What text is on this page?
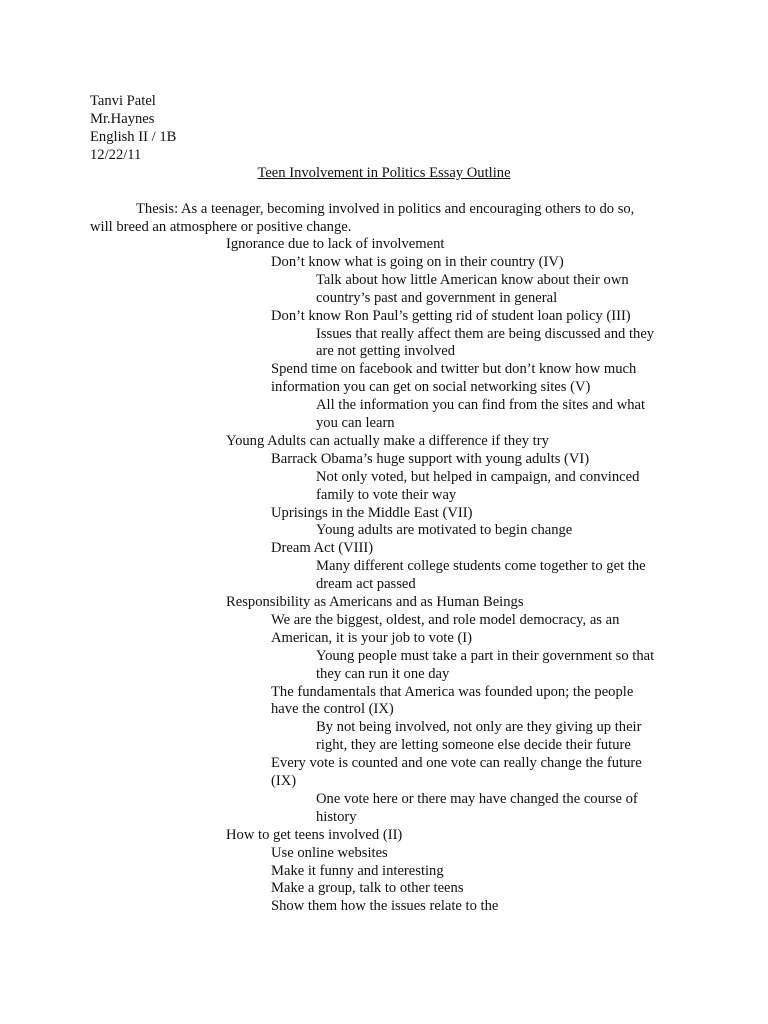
Tanvi Patel
Mr.Haynes
English II / 1B
12/22/11
Teen Involvement in Politics Essay Outline
Thesis: As a teenager, becoming involved in politics and encouraging others to do so,
will breed an atmosphere or positive change.
Ignorance due to lack of involvement
Don’t know what is going on in their country (IV)
Talk about how little American know about their own
country’s past and government in general
Don’t know Ron Paul’s getting rid of student loan policy (III)
Issues that really affect them are being discussed and they
are not getting involved
Spend time on facebook and twitter but don’t know how much
information you can get on social networking sites (V)
All the information you can find from the sites and what
you can learn
Young Adults can actually make a difference if they try
Barrack Obama’s huge support with young adults (VI)
Not only voted, but helped in campaign, and convinced
family to vote their way
Uprisings in the Middle East (VII)
Young adults are motivated to begin change
Dream Act (VIII)
Many different college students come together to get the
dream act passed
Responsibility as Americans and as Human Beings
We are the biggest, oldest, and role model democracy, as an
American, it is your job to vote (I)
Young people must take a part in their government so that
they can run it one day
The fundamentals that America was founded upon; the people
have the control (IX)
By not being involved, not only are they giving up their
right, they are letting someone else decide their future
Every vote is counted and one vote can really change the future
(IX)
One vote here or there may have changed the course of
history
How to get teens involved (II)
Use online websites
Make it funny and interesting
Make a group, talk to other teens
Show them how the issues relate to the
